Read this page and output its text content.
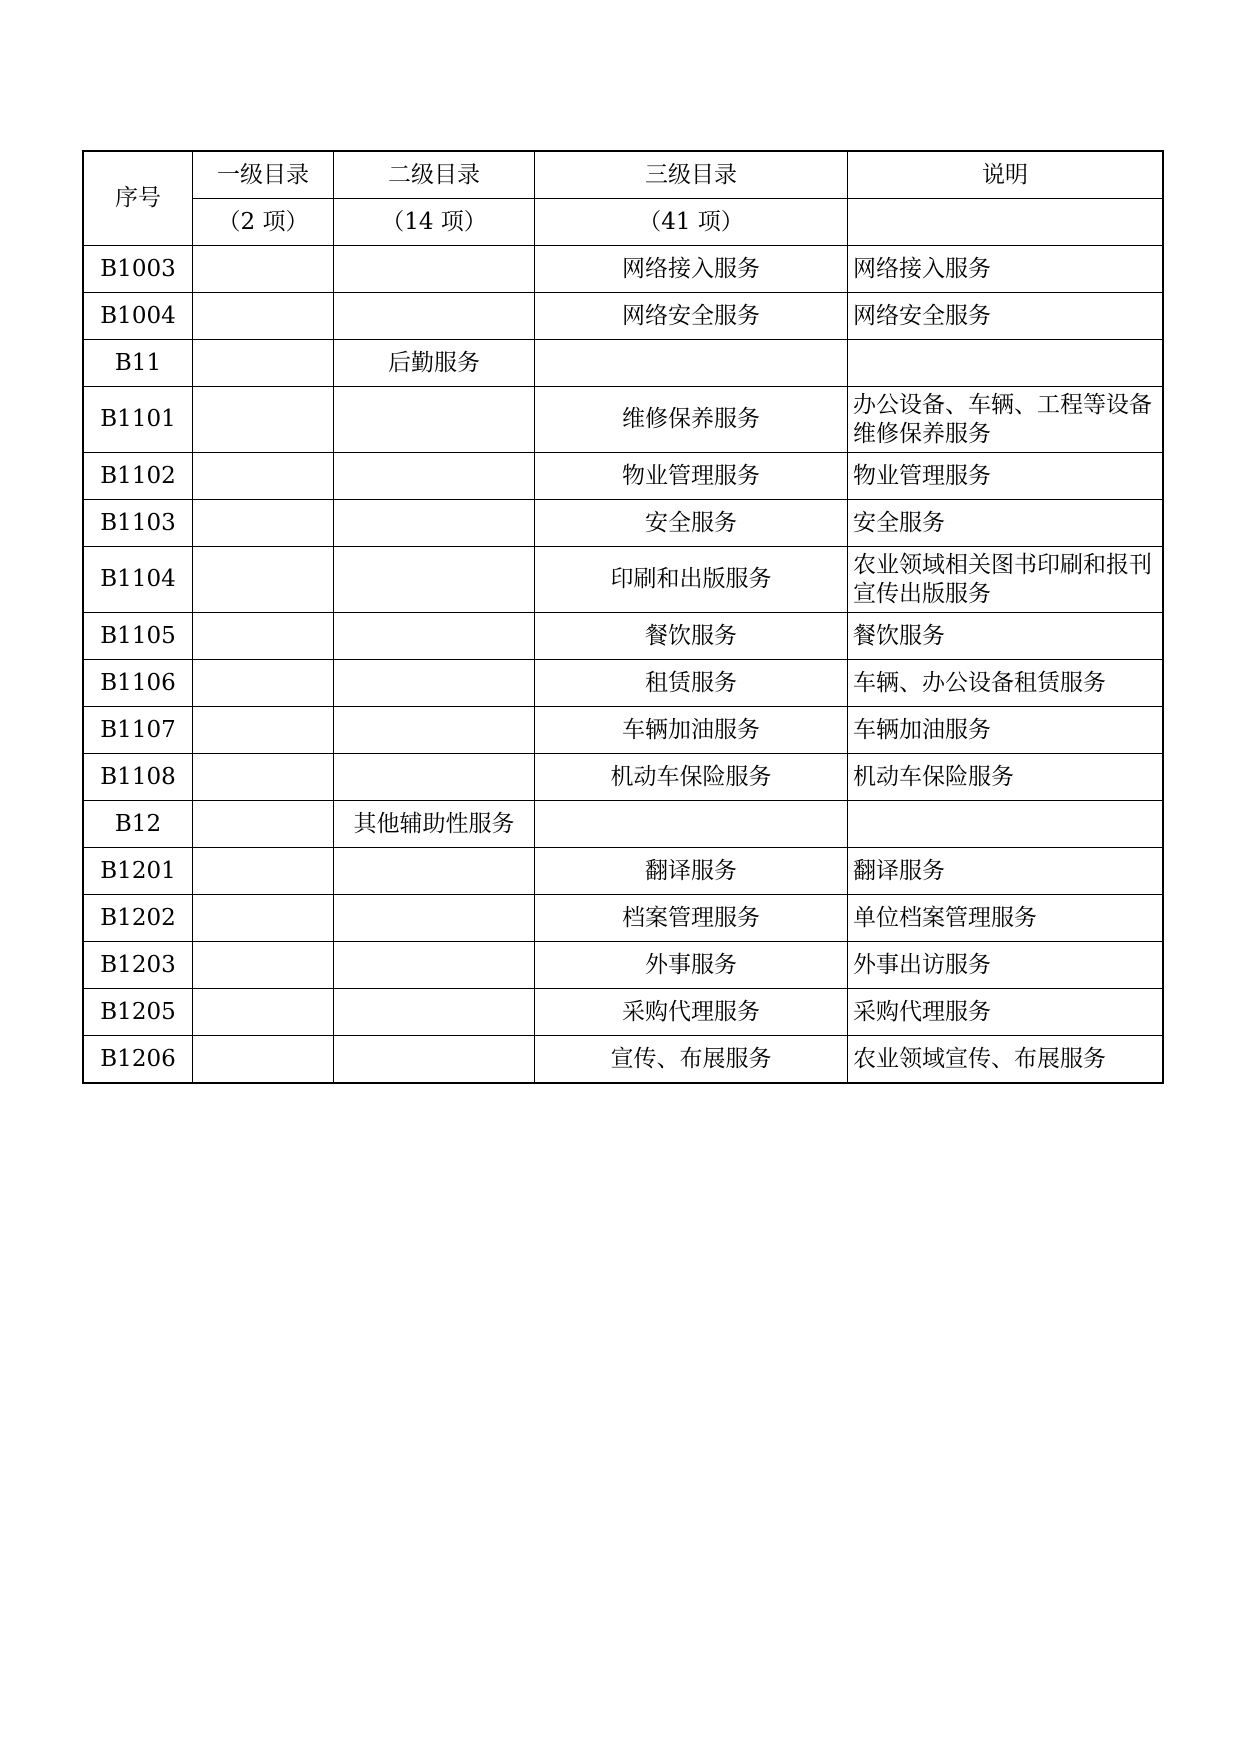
序号	一级目录	二级目录	三级目录	说明
	（2 项）	（14 项）	（41 项）	
B1003			网络接入服务	网络接入服务
B1004			网络安全服务	网络安全服务
B11		后勤服务		
B1101			维修保养服务	办公设备、车辆、工程等设备维修保养服务
B1102			物业管理服务	物业管理服务
B1103			安全服务	安全服务
B1104			印刷和出版服务	农业领域相关图书印刷和报刊宣传出版服务
B1105			餐饮服务	餐饮服务
B1106			租赁服务	车辆、办公设备租赁服务
B1107			车辆加油服务	车辆加油服务
B1108			机动车保险服务	机动车保险服务
B12		其他辅助性服务		
B1201			翻译服务	翻译服务
B1202			档案管理服务	单位档案管理服务
B1203			外事服务	外事出访服务
B1205			采购代理服务	采购代理服务
B1206			宣传、布展服务	农业领域宣传、布展服务
